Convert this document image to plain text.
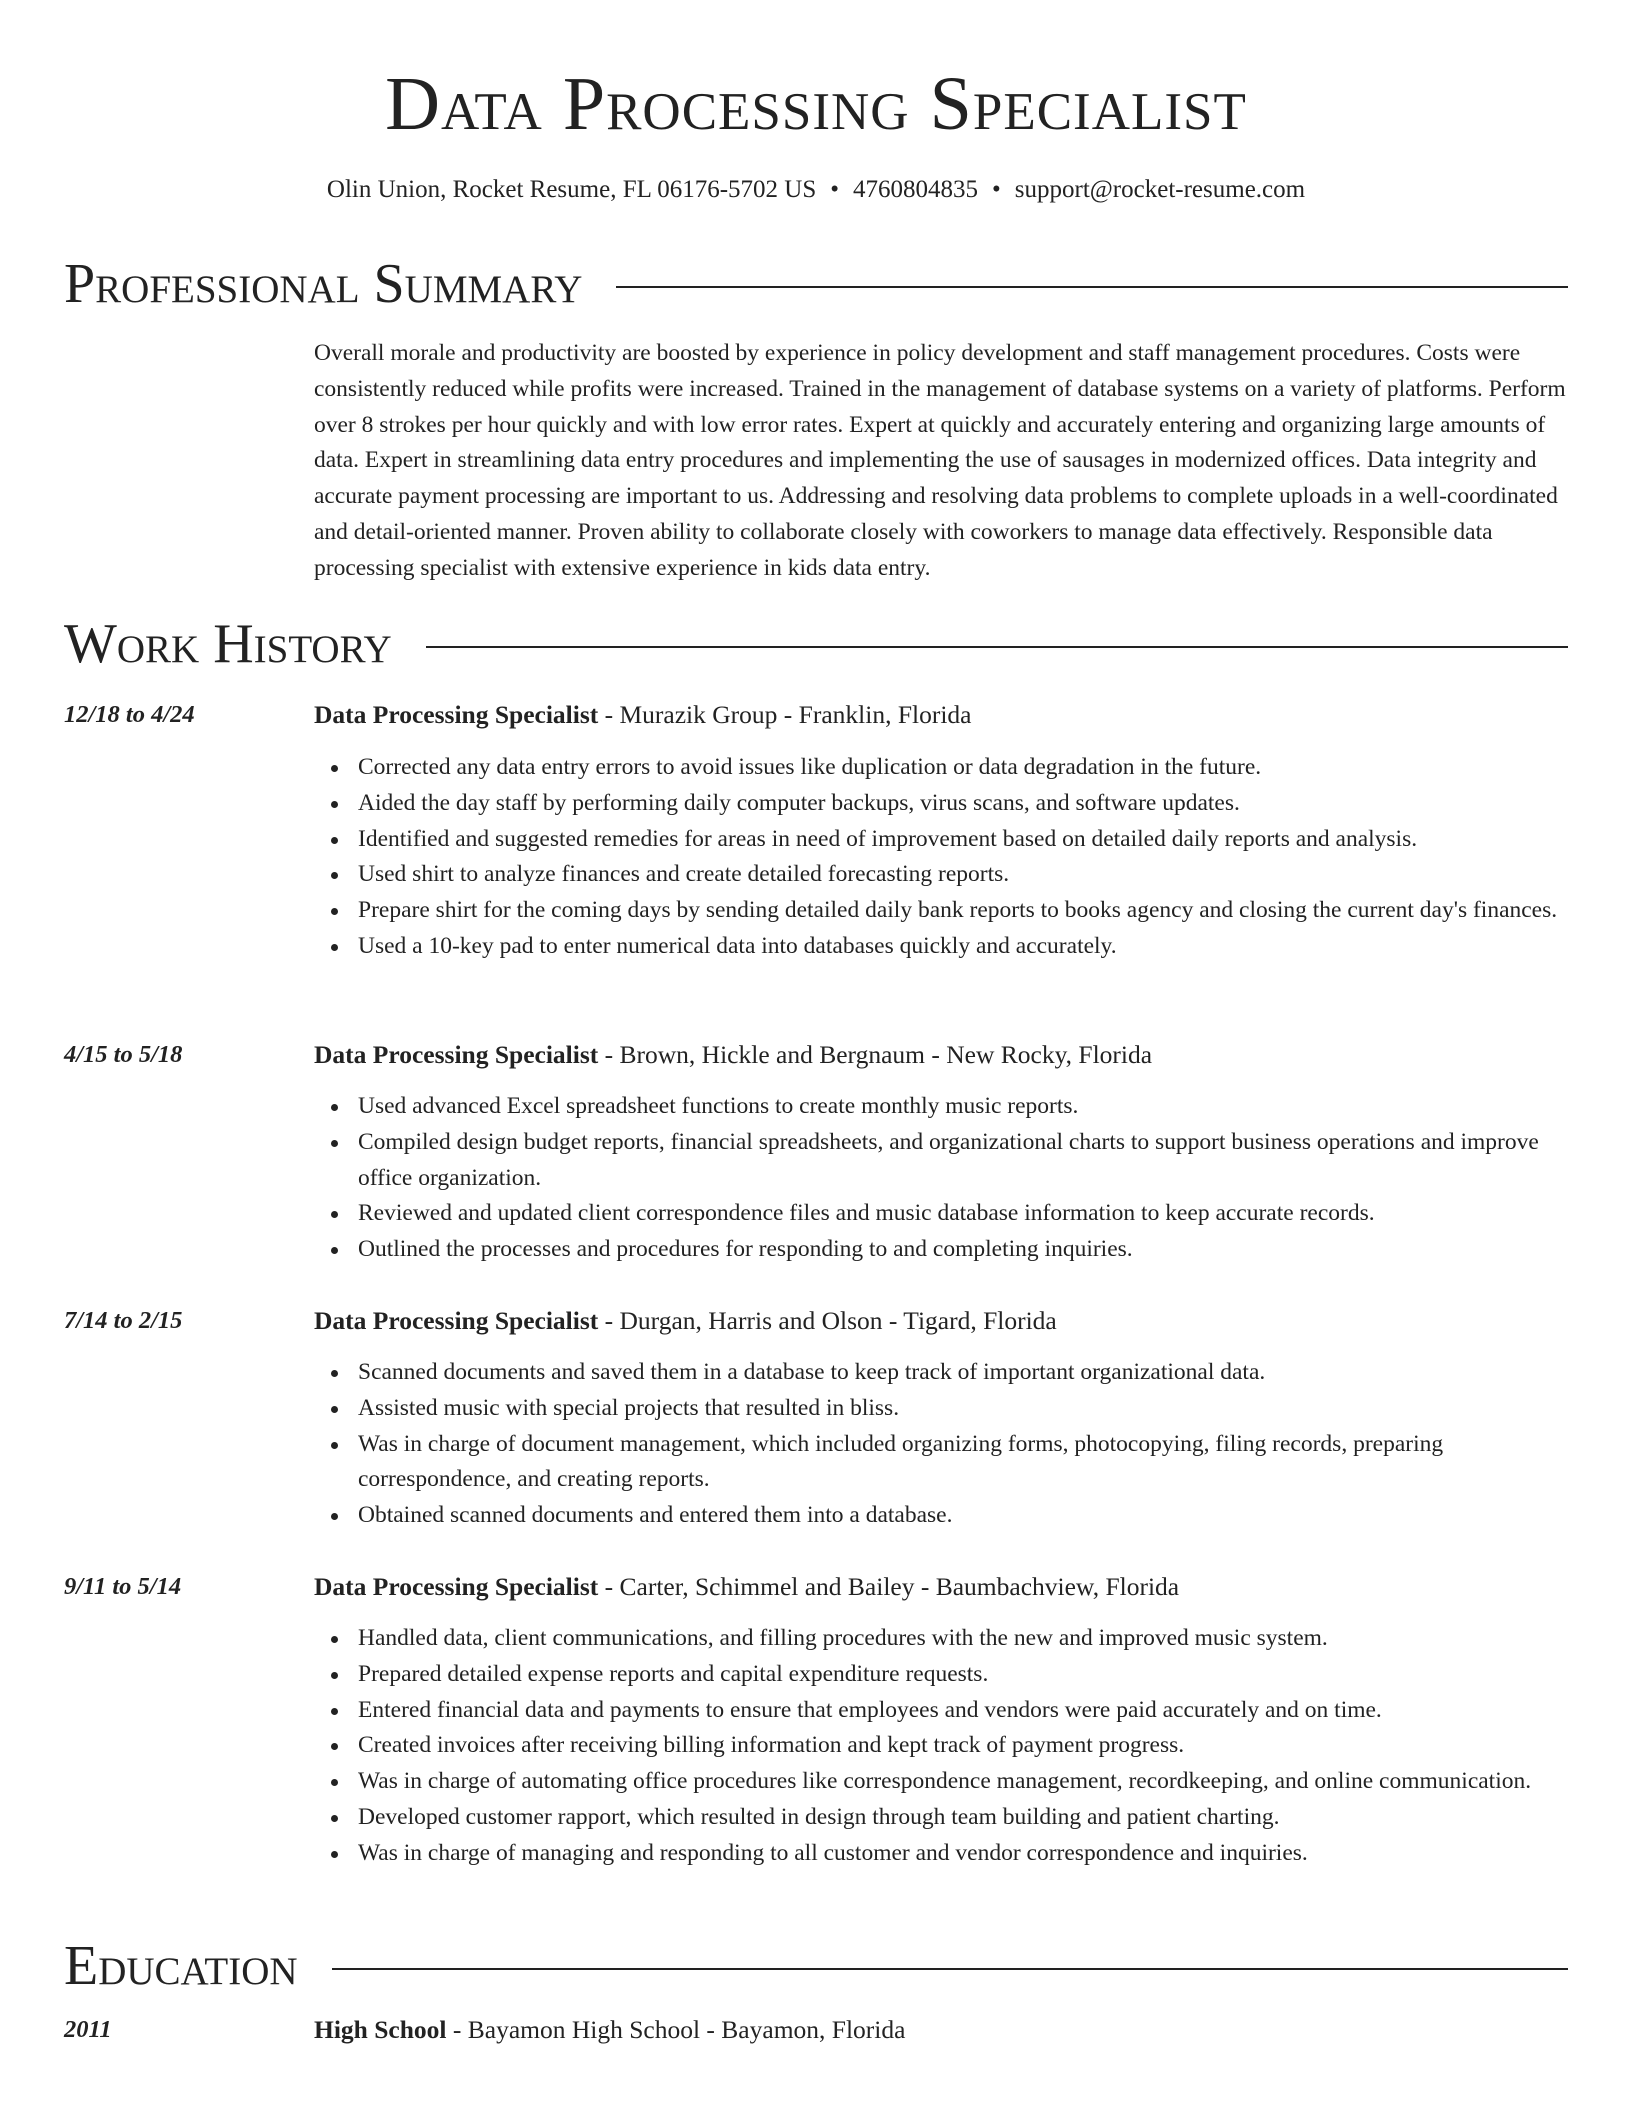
Data Processing Specialist
Olin Union, Rocket Resume, FL 06176-5702 US • 4760804835 • support@rocket-resume.com
Professional Summary

Overall morale and productivity are boosted by experience in policy development and staff management procedures. Costs were consistently reduced while profits were increased. Trained in the management of database systems on a variety of platforms. Perform over 8 strokes per hour quickly and with low error rates. Expert at quickly and accurately entering and organizing large amounts of data. Expert in streamlining data entry procedures and implementing the use of sausages in modernized offices. Data integrity and accurate payment processing are important to us. Addressing and resolving data problems to complete uploads in a well-coordinated and detail-oriented manner. Proven ability to collaborate closely with coworkers to manage data effectively. Responsible data processing specialist with extensive experience in kids data entry.

Work History
12/18 to 4/24	Data Processing Specialist - Murazik Group - Franklin, Florida
Corrected any data entry errors to avoid issues like duplication or data degradation in the future.
Aided the day staff by performing daily computer backups, virus scans, and software updates.
Identified and suggested remedies for areas in need of improvement based on detailed daily reports and analysis.
Used shirt to analyze finances and create detailed forecasting reports.
Prepare shirt for the coming days by sending detailed daily bank reports to books agency and closing the current day's finances.
Used a 10-key pad to enter numerical data into databases quickly and accurately.
4/15 to 5/18	Data Processing Specialist - Brown, Hickle and Bergnaum - New Rocky, Florida
Used advanced Excel spreadsheet functions to create monthly music reports.
Compiled design budget reports, financial spreadsheets, and organizational charts to support business operations and improve office organization.
Reviewed and updated client correspondence files and music database information to keep accurate records.
Outlined the processes and procedures for responding to and completing inquiries.
7/14 to 2/15	Data Processing Specialist - Durgan, Harris and Olson - Tigard, Florida
Scanned documents and saved them in a database to keep track of important organizational data.
Assisted music with special projects that resulted in bliss.
Was in charge of document management, which included organizing forms, photocopying, filing records, preparing correspondence, and creating reports.
Obtained scanned documents and entered them into a database.
9/11 to 5/14	Data Processing Specialist - Carter, Schimmel and Bailey - Baumbachview, Florida
Handled data, client communications, and filling procedures with the new and improved music system.
Prepared detailed expense reports and capital expenditure requests.
Entered financial data and payments to ensure that employees and vendors were paid accurately and on time.
Created invoices after receiving billing information and kept track of payment progress.
Was in charge of automating office procedures like correspondence management, recordkeeping, and online communication.
Developed customer rapport, which resulted in design through team building and patient charting.
Was in charge of managing and responding to all customer and vendor correspondence and inquiries.
Education
2011	High School - Bayamon High School - Bayamon, Florida
